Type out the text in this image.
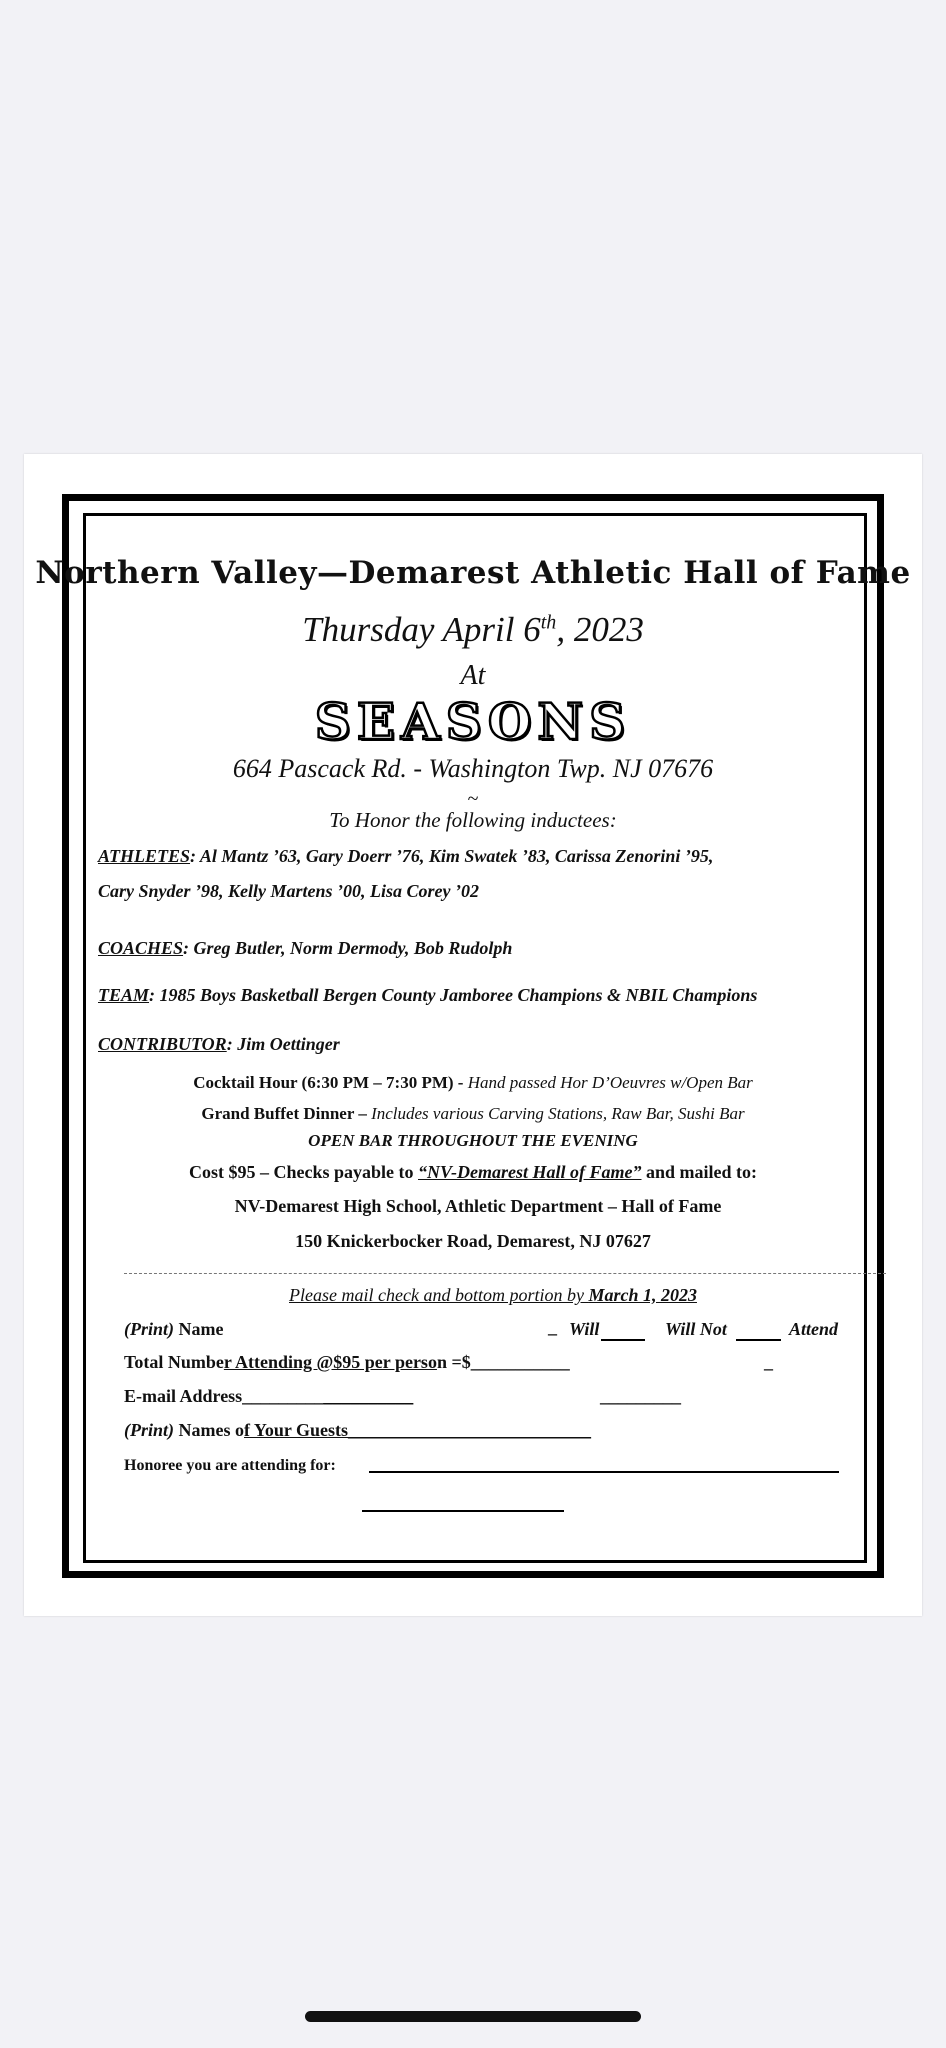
Northern Valley—Demarest Athletic Hall of Fame
Thursday April 6th, 2023
At
SEASONS
664 Pascack Rd. - Washington Twp. NJ 07676
~
To Honor the following inductees:
ATHLETES: Al Mantz ’63, Gary Doerr ’76, Kim Swatek ’83, Carissa Zenorini ’95,
Cary Snyder ’98, Kelly Martens ’00, Lisa Corey ’02
COACHES: Greg Butler, Norm Dermody, Bob Rudolph
TEAM: 1985 Boys Basketball Bergen County Jamboree Champions & NBIL Champions
CONTRIBUTOR: Jim Oettinger
Cocktail Hour (6:30 PM – 7:30 PM) - Hand passed Hor D’Oeuvres w/Open Bar
Grand Buffet Dinner – Includes various Carving Stations, Raw Bar, Sushi Bar
OPEN BAR THROUGHOUT THE EVENING
Cost $95 – Checks payable to “NV-Demarest Hall of Fame” and mailed to:
NV-Demarest High School, Athletic Department – Hall of Fame
150 Knickerbocker Road, Demarest, NJ 07627
Please mail check and bottom portion by March 1, 2023
(Print) Name	_ Will	Will Not	Attend
Total Number Attending @$95 per person =$___________	_
E-mail Address___________________	_________
(Print) Names of Your Guests___________________________
Honoree you are attending for:
